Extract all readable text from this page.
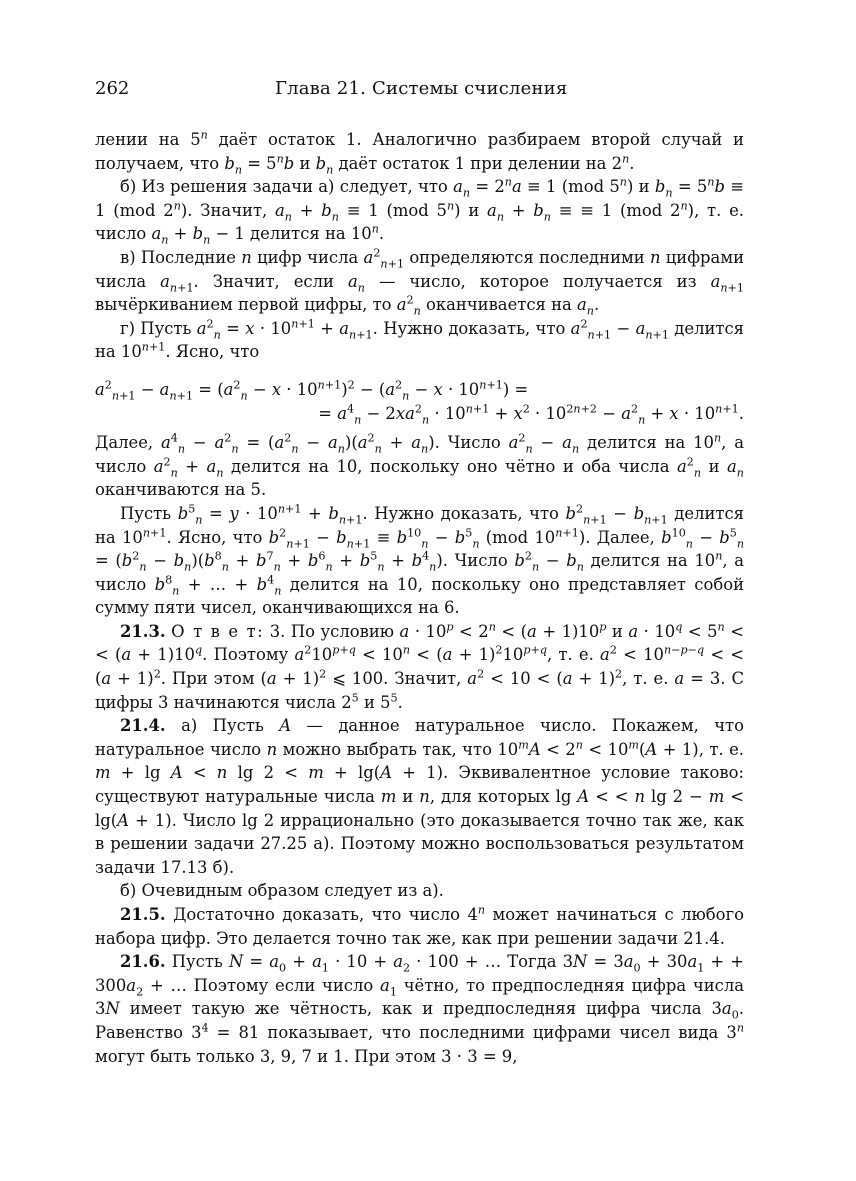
262	Глава 21. Системы счисления

лении на 5$^n$ даёт остаток 1. Аналогично разбираем второй случай и получаем, что $b_n = 5^nb$ и $b_n$ даёт остаток 1 при делении на 2$^n$.

б) Из решения задачи а) следует, что $a_n = 2^na \equiv 1$ (mod 5$^n$) и $b_n = 5^nb \equiv 1$ (mod 2$^n$). Значит, $a_n + b_n \equiv 1$ (mod 5$^n$) и $a_n + b_n$ ≡ ≡ 1 (mod 2$^n$), т. е. число $a_n + b_n - 1$ делится на 10$^n$.

в) Последние n цифр числа $a^2_{n+1}$ определяются последними n цифрами числа $a_{n+1}$. Значит, если $a_n$ — число, которое получается из $a_{n+1}$ вычёркиванием первой цифры, то $a^2_n$ оканчивается на $a_n$.

г) Пусть $a^2_n = x \cdot 10^{n+1} + a_{n+1}$. Нужно доказать, что $a^2_{n+1} - a_{n+1}$ делится на $10^{n+1}$. Ясно, что

$a^2_{n+1} - a_{n+1} = (a^2_n - x \cdot 10^{n+1})^2 - (a^2_n - x \cdot 10^{n+1})$ =
= $a^4_n - 2xa^2_n \cdot 10^{n+1} + x^2 \cdot 10^{2n+2} - a^2_n + x \cdot 10^{n+1}$.

Далее, $a^4_n - a^2_n = (a^2_n - a_n)(a^2_n + a_n)$. Число $a^2_n - a_n$ делится на 10$^n$, а число $a^2_n + a_n$ делится на 10, поскольку оно чётно и оба числа $a^2_n$ и $a_n$ оканчиваются на 5.

Пусть $b^5_n = y \cdot 10^{n+1} + b_{n+1}$. Нужно доказать, что $b^2_{n+1} - b_{n+1}$ делится на $10^{n+1}$. Ясно, что $b^2_{n+1} - b_{n+1} \equiv b^{10}_n - b^5_n$ (mod $10^{n+1}$). Далее, $b^{10}_n - b^5_n = (b^2_n - b_n)(b^8_n + b^7_n + b^6_n + b^5_n + b^4_n)$. Число $b^2_n - b_n$ делится на 10$^n$, а число $b^8_n$ + … + $b^4_n$ делится на 10, поскольку оно представляет собой сумму пяти чисел, оканчивающихся на 6.

21.3. О т в е т: 3. По условию $a \cdot 10^p < 2^n < (a + 1)10^p$ и $a \cdot 10^q < 5^n$ < < $(a + 1)10^q$. Поэтому $a^210^{p+q} < 10^n < (a + 1)^210^{p+q}$, т. е. $a^2 < 10^{n-p-q}$ < < $(a + 1)^2$. При этом $(a + 1)^2$ ⩽ 100. Значит, $a^2 < 10 < (a + 1)^2$, т. е. a = 3. С цифры 3 начинаются числа $2^5$ и $5^5$.

21.4. а) Пусть A — данное натуральное число. Покажем, что натуральное число n можно выбрать так, что $10^mA < 2^n < 10^m(A + 1)$, т. е. m + lg A < n lg 2 < m + lg(A + 1). Эквивалентное условие таково: существуют натуральные числа m и n, для которых lg A < < n lg 2 − m < lg(A + 1). Число lg 2 иррационально (это доказывается точно так же, как в решении задачи 27.25 а). Поэтому можно воспользоваться результатом задачи 17.13 б).

б) Очевидным образом следует из а).

21.5. Достаточно доказать, что число 4$^n$ может начинаться с любого набора цифр. Это делается точно так же, как при решении задачи 21.4.

21.6. Пусть $N = a_0 + a_1 \cdot 10 + a_2 \cdot 100$ + … Тогда $3N = 3a_0 + 30a_1$ + + $300a_2$ + … Поэтому если число $a_1$ чётно, то предпоследняя цифра числа 3N имеет такую же чётность, как и предпоследняя цифра числа $3a_0$. Равенство $3^4 = 81$ показывает, что последними цифрами чисел вида 3$^n$ могут быть только 3, 9, 7 и 1. При этом 3 · 3 = 9,
